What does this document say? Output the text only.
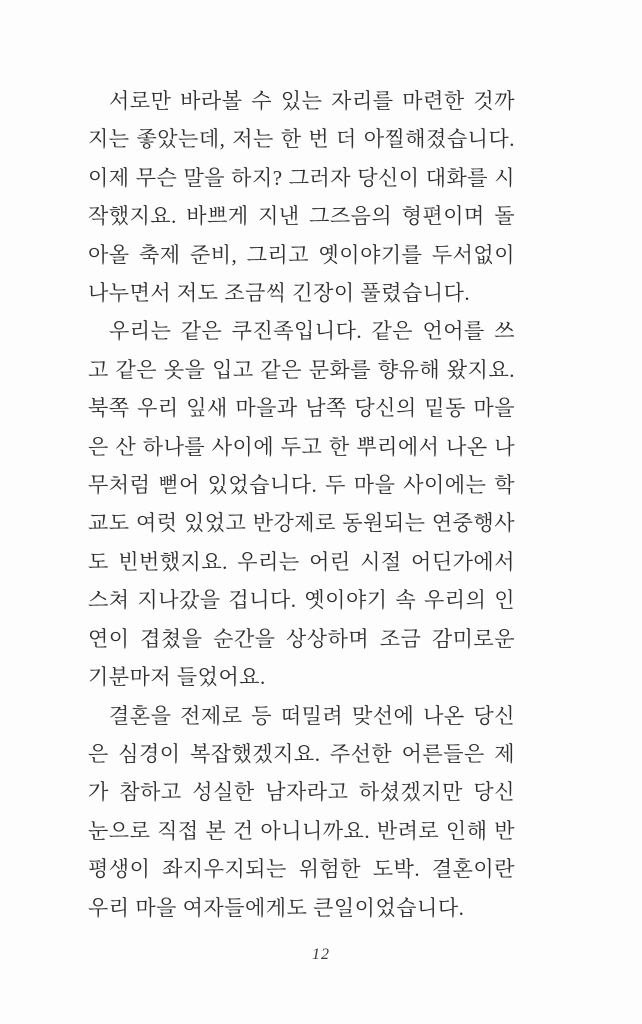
서로만 바라볼 수 있는 자리를 마련한 것까지는 좋았는데, 저는 한 번 더 아찔해졌습니다. 이제 무슨 말을 하지? 그러자 당신이 대화를 시작했지요. 바쁘게 지낸 그즈음의 형편이며 돌아올 축제 준비, 그리고 옛이야기를 두서없이 나누면서 저도 조금씩 긴장이 풀렸습니다.

우리는 같은 쿠진족입니다. 같은 언어를 쓰고 같은 옷을 입고 같은 문화를 향유해 왔지요. 북쪽 우리 잎새 마을과 남쪽 당신의 밑동 마을은 산 하나를 사이에 두고 한 뿌리에서 나온 나무처럼 뻗어 있었습니다. 두 마을 사이에는 학교도 여럿 있었고 반강제로 동원되는 연중행사도 빈번했지요. 우리는 어린 시절 어딘가에서 스쳐 지나갔을 겁니다. 옛이야기 속 우리의 인연이 겹쳤을 순간을 상상하며 조금 감미로운 기분마저 들었어요.

결혼을 전제로 등 떠밀려 맞선에 나온 당신은 심경이 복잡했겠지요. 주선한 어른들은 제가 참하고 성실한 남자라고 하셨겠지만 당신 눈으로 직접 본 건 아니니까요. 반려로 인해 반평생이 좌지우지되는 위험한 도박. 결혼이란 우리 마을 여자들에게도 큰일이었습니다.

12
